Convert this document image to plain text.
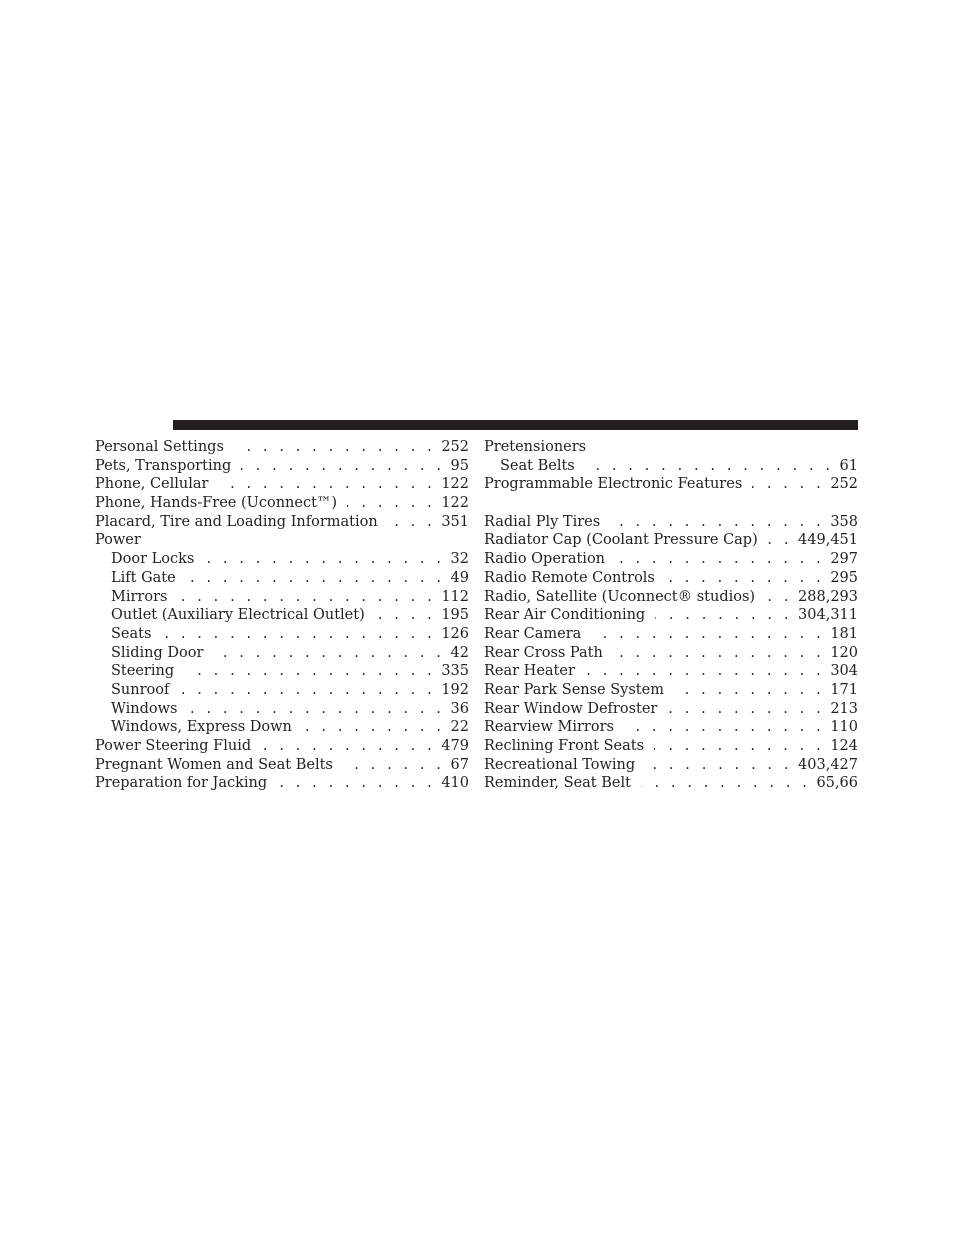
Personal Settings . . .	252
Pets, Transporting . . .	95
Phone, Cellular . . .	122
Phone, Hands-Free (Uconnect™) . . .	122
Placard, Tire and Loading Information . . .	351
Power
Door Locks . . .	32
Lift Gate . . .	49
Mirrors . . .	112
Outlet (Auxiliary Electrical Outlet) . . .	195
Seats . . .	126
Sliding Door . . .	42
Steering . . .	335
Sunroof . . .	192
Windows . . .	36
Windows, Express Down . . .	22
Power Steering Fluid . . .	479
Pregnant Women and Seat Belts . . .	67
Preparation for Jacking . . .	410
Pretensioners
Seat Belts . . .	61
Programmable Electronic Features . . .	252
Radial Ply Tires . . .	358
Radiator Cap (Coolant Pressure Cap) . . .	449,451
Radio Operation . . .	297
Radio Remote Controls . . .	295
Radio, Satellite (Uconnect® studios) . . .	288,293
Rear Air Conditioning . . .	304,311
Rear Camera . . .	181
Rear Cross Path . . .	120
Rear Heater . . .	304
Rear Park Sense System . . .	171
Rear Window Defroster . . .	213
Rearview Mirrors . . .	110
Reclining Front Seats . . .	124
Recreational Towing . . .	403,427
Reminder, Seat Belt . . .	65,66
